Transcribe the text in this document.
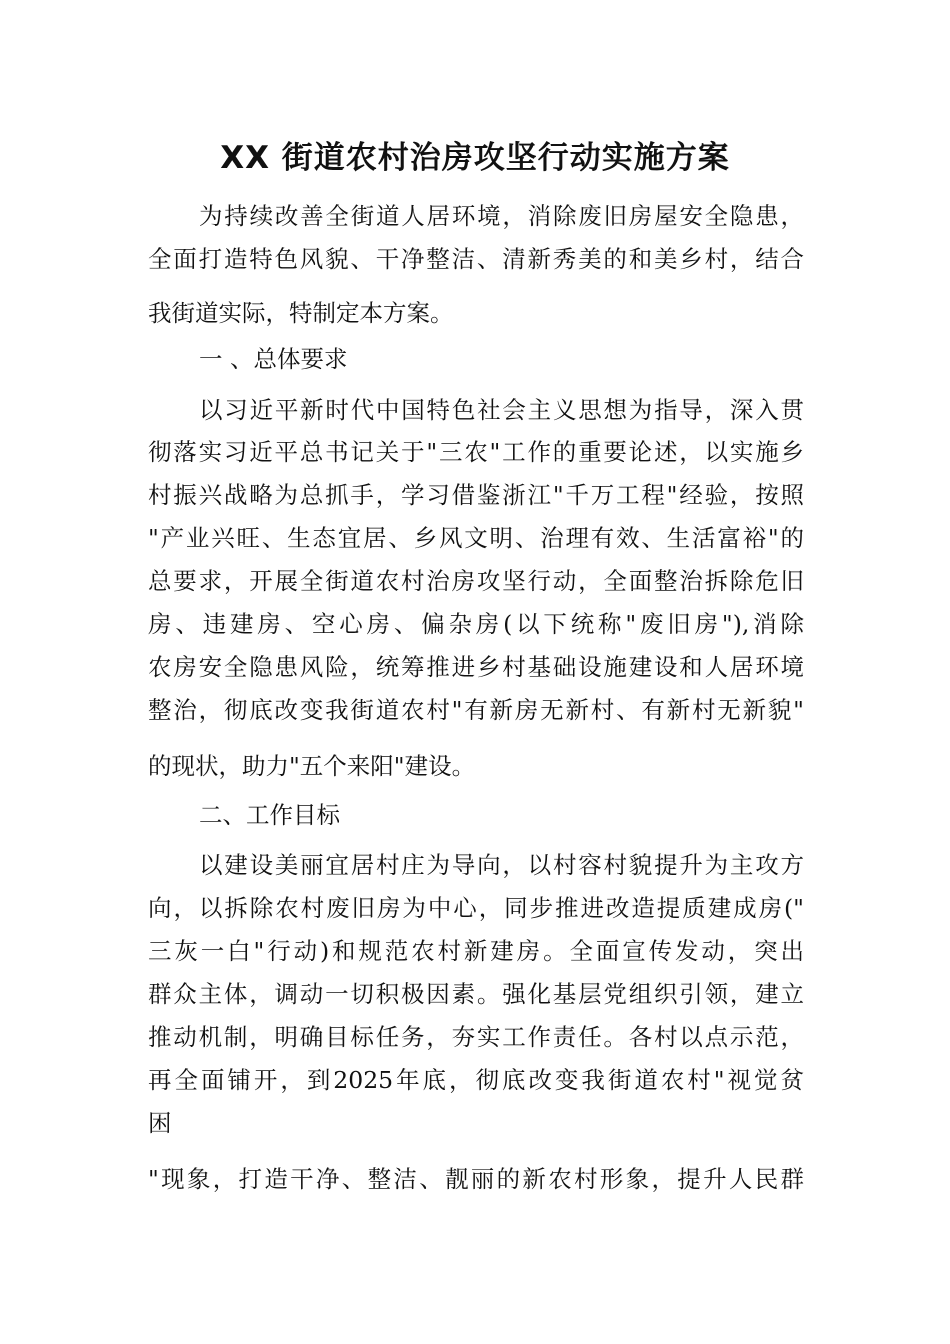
XX 街道农村治房攻坚行动实施方案
为持续改善全街道人居环境，消除废旧房屋安全隐患，
全面打造特色风貌、干净整洁、清新秀美的和美乡村，结合
我街道实际，特制定本方案。
一 、总体要求
以习近平新时代中国特色社会主义思想为指导，深入贯
彻落实习近平总书记关于"三农"工作的重要论述，以实施乡
村振兴战略为总抓手，学习借鉴浙江"千万工程"经验，按照
"产业兴旺、生态宜居、乡风文明、治理有效、生活富裕"的
总要求，开展全街道农村治房攻坚行动，全面整治拆除危旧
房、违建房、空心房、偏杂房(以下统称"废旧房"),消除
农房安全隐患风险，统筹推进乡村基础设施建设和人居环境
整治，彻底改变我街道农村"有新房无新村、有新村无新貌"
的现状，助力"五个来阳"建设。
二、工作目标
以建设美丽宜居村庄为导向，以村容村貌提升为主攻方
向，以拆除农村废旧房为中心，同步推进改造提质建成房("
三灰一白"行动)和规范农村新建房。全面宣传发动，突出
群众主体，调动一切积极因素。强化基层党组织引领，建立
推动机制，明确目标任务，夯实工作责任。各村以点示范，
再全面铺开，到2025年底，彻底改变我街道农村"视觉贫
困
"现象，打造干净、整洁、靓丽的新农村形象，提升人民群
